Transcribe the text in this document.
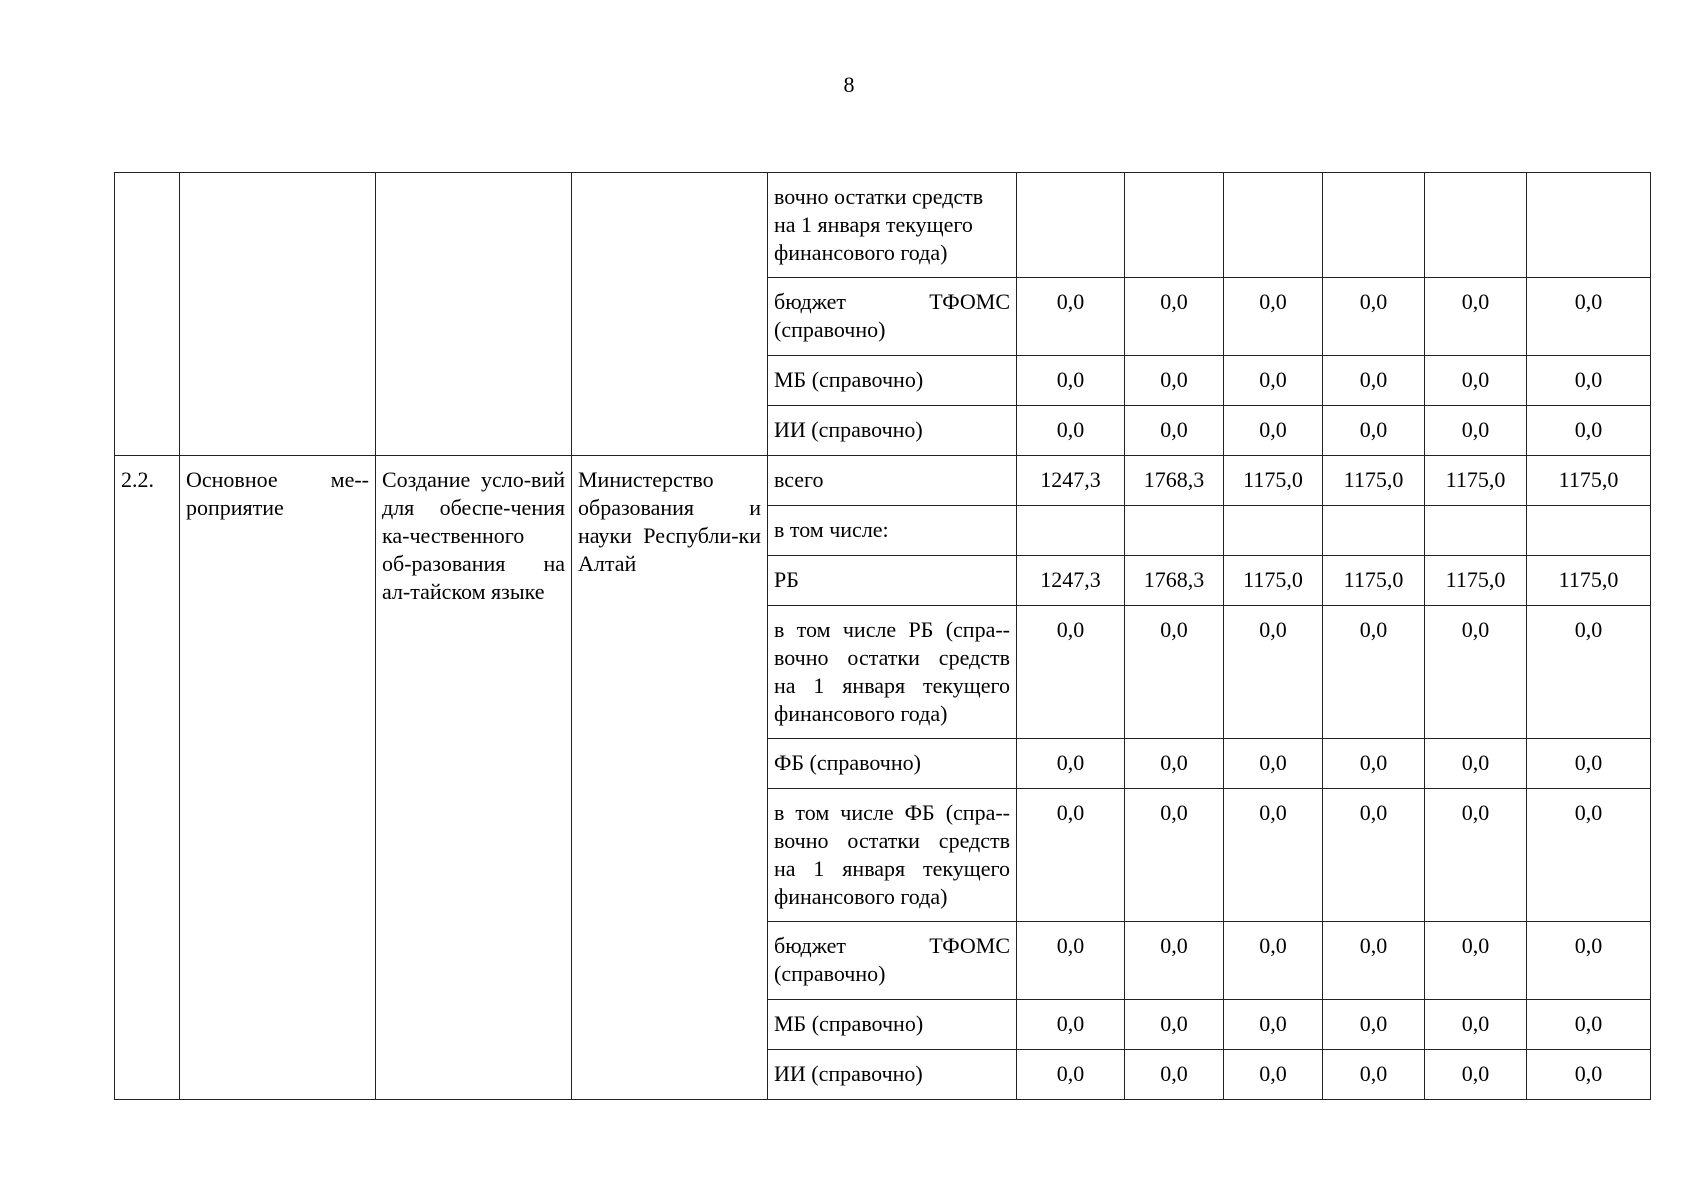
8
				вочно остатки средств
на 1 января текущего
финансового года)						
				бюджет ТФОМС (справочно)	0,0	0,0	0,0	0,0	0,0	0,0
				МБ (справочно)	0,0	0,0	0,0	0,0	0,0	0,0
				ИИ (справочно)	0,0	0,0	0,0	0,0	0,0	0,0
2.2.	Основное ме-роприятие	Создание усло-вий для обеспе-чения ка-чественного об-разования на ал-тайском языке	Министерство образования и науки Республи-ки Алтай	всего	1247,3	1768,3	1175,0	1175,0	1175,0	1175,0
				в том числе:						
				РБ	1247,3	1768,3	1175,0	1175,0	1175,0	1175,0
				в том числе РБ (спра-вочно остатки средств на 1 января текущего финансового года)	0,0	0,0	0,0	0,0	0,0	0,0
				ФБ (справочно)	0,0	0,0	0,0	0,0	0,0	0,0
				в том числе ФБ (спра-вочно остатки средств на 1 января текущего финансового года)	0,0	0,0	0,0	0,0	0,0	0,0
				бюджет ТФОМС (справочно)	0,0	0,0	0,0	0,0	0,0	0,0
				МБ (справочно)	0,0	0,0	0,0	0,0	0,0	0,0
				ИИ (справочно)	0,0	0,0	0,0	0,0	0,0	0,0
